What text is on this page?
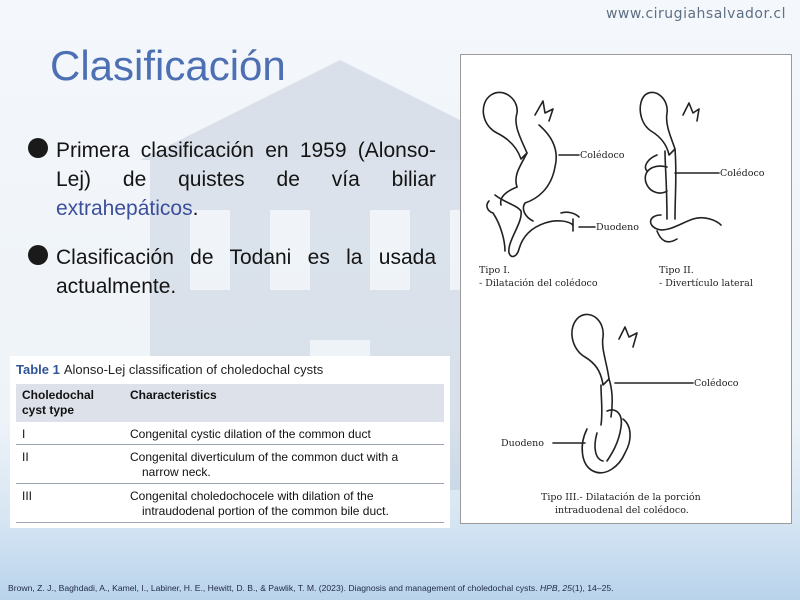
www.cirugiahsalvador.cl
Clasificación
Primera clasificación en 1959 (Alonso-Lej) de quistes de vía biliar extrahepáticos.
Clasificación de Todani es la usada actualmente.
Table 1 Alonso-Lej classification of choledochal cysts
Choledochal cyst type
Characteristics
I	Congenital cystic dilation of the common duct
II	Congenital diverticulum of the common duct with a
narrow neck.
III	Congenital choledochocele with dilation of the
intraudodenal portion of the common bile duct.
Colédoco
Duodeno
Colédoco
Colédoco
Duodeno
Tipo I.
- Dilatación del colédoco
Tipo II.
- Divertículo lateral
Tipo III.- Dilatación de la porción
intraduodenal del colédoco.
Brown, Z. J., Baghdadi, A., Kamel, I., Labiner, H. E., Hewitt, D. B., & Pawlik, T. M. (2023). Diagnosis and management of choledochal cysts. HPB, 25(1), 14–25.
